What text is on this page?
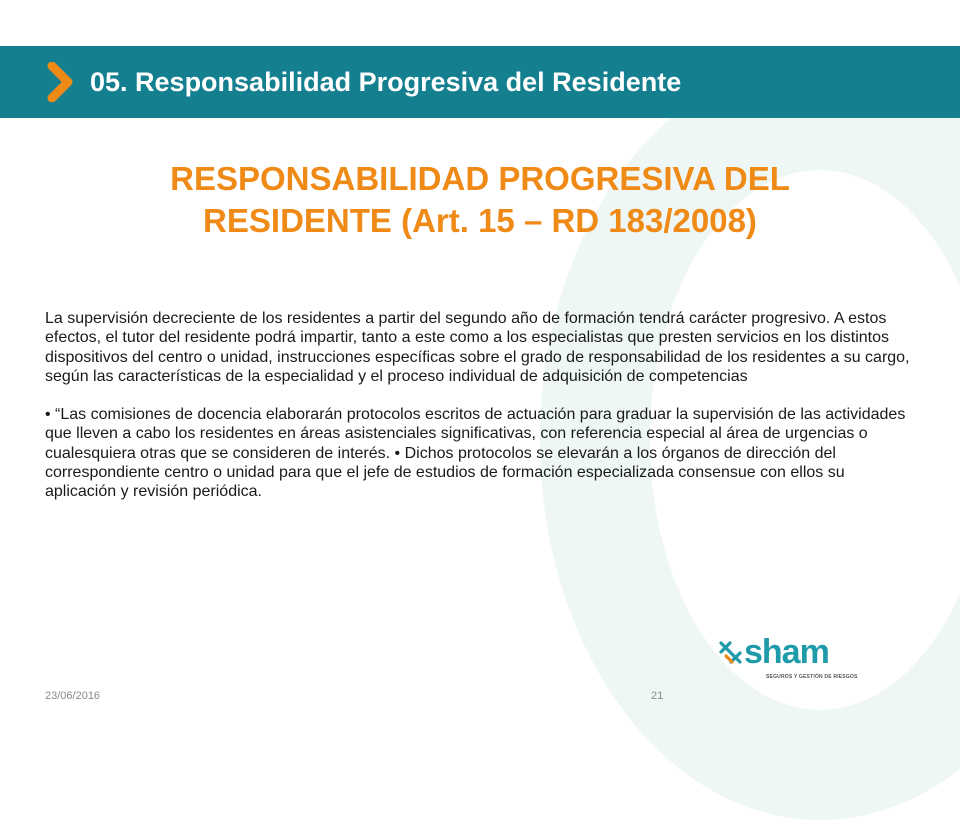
05. Responsabilidad Progresiva del Residente
RESPONSABILIDAD PROGRESIVA DEL
RESIDENTE (Art. 15 – RD 183/2008)

La supervisión decreciente de los residentes a partir del segundo año de formación tendrá carácter progresivo. A estos efectos, el tutor del residente podrá impartir, tanto a este como a los especialistas que presten servicios en los distintos dispositivos del centro o unidad, instrucciones específicas sobre el grado de responsabilidad de los residentes a su cargo, según las características de la especialidad y el proceso individual de adquisición de competencias

• “Las comisiones de docencia elaborarán protocolos escritos de actuación para graduar la supervisión de las actividades que lleven a cabo los residentes en áreas asistenciales significativas, con referencia especial al área de urgencias o cualesquiera otras que se consideren de interés. • Dichos protocolos se elevarán a los órganos de dirección del correspondiente centro o unidad para que el jefe de estudios de formación especializada consensue con ellos su aplicación y revisión periódica.

sham
SEGUROS Y GESTIÓN DE RIESGOS
23/06/2016	21
